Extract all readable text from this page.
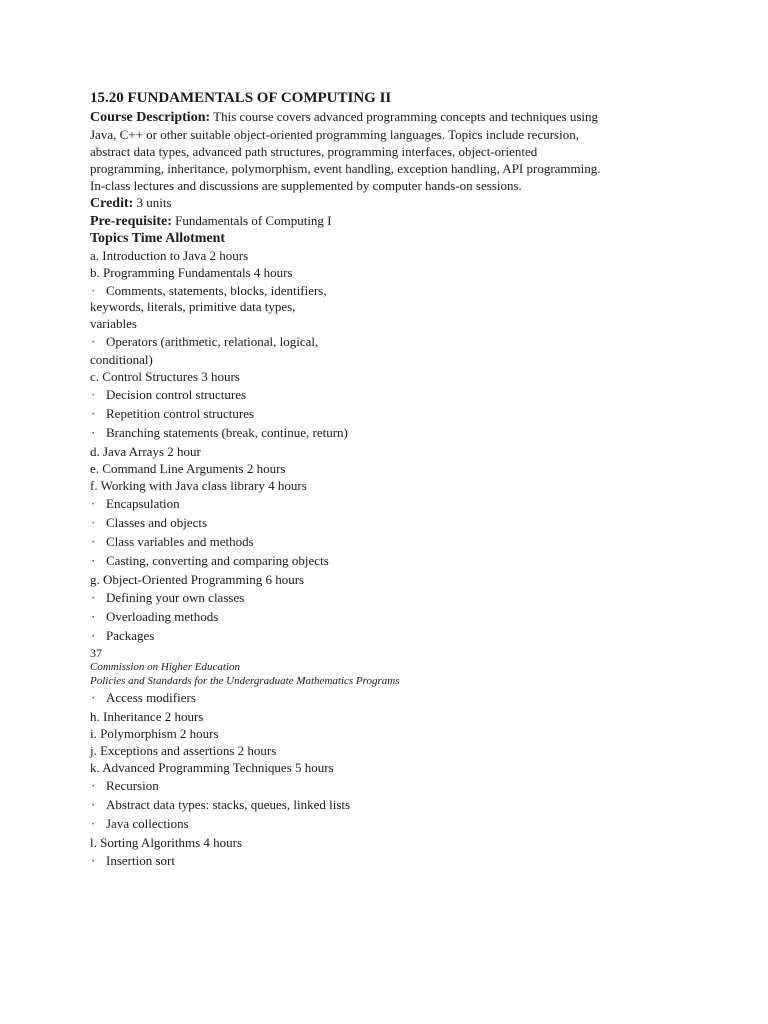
15.20 FUNDAMENTALS OF COMPUTING II

Course Description: This course covers advanced programming concepts and techniques using Java, C++ or other suitable object-oriented programming languages. Topics include recursion, abstract data types, advanced path structures, programming interfaces, object-oriented programming, inheritance, polymorphism, event handling, exception handling, API programming. In-class lectures and discussions are supplemented by computer hands-on sessions.

Credit: 3 units
Pre-requisite: Fundamentals of Computing I
Topics Time Allotment
a. Introduction to Java 2 hours
b. Programming Fundamentals 4 hours
· Comments, statements, blocks, identifiers,
keywords, literals, primitive data types,
variables
· Operators (arithmetic, relational, logical,
conditional)
c. Control Structures 3 hours
· Decision control structures
· Repetition control structures
· Branching statements (break, continue, return)
d. Java Arrays 2 hour
e. Command Line Arguments 2 hours
f. Working with Java class library 4 hours
· Encapsulation
· Classes and objects
· Class variables and methods
· Casting, converting and comparing objects
g. Object-Oriented Programming 6 hours
· Defining your own classes
· Overloading methods
· Packages
37
Commission on Higher Education
Policies and Standards for the Undergraduate Mathematics Programs
· Access modifiers
h. Inheritance 2 hours
i. Polymorphism 2 hours
j. Exceptions and assertions 2 hours
k. Advanced Programming Techniques 5 hours
· Recursion
· Abstract data types: stacks, queues, linked lists
· Java collections
l. Sorting Algorithms 4 hours
· Insertion sort
